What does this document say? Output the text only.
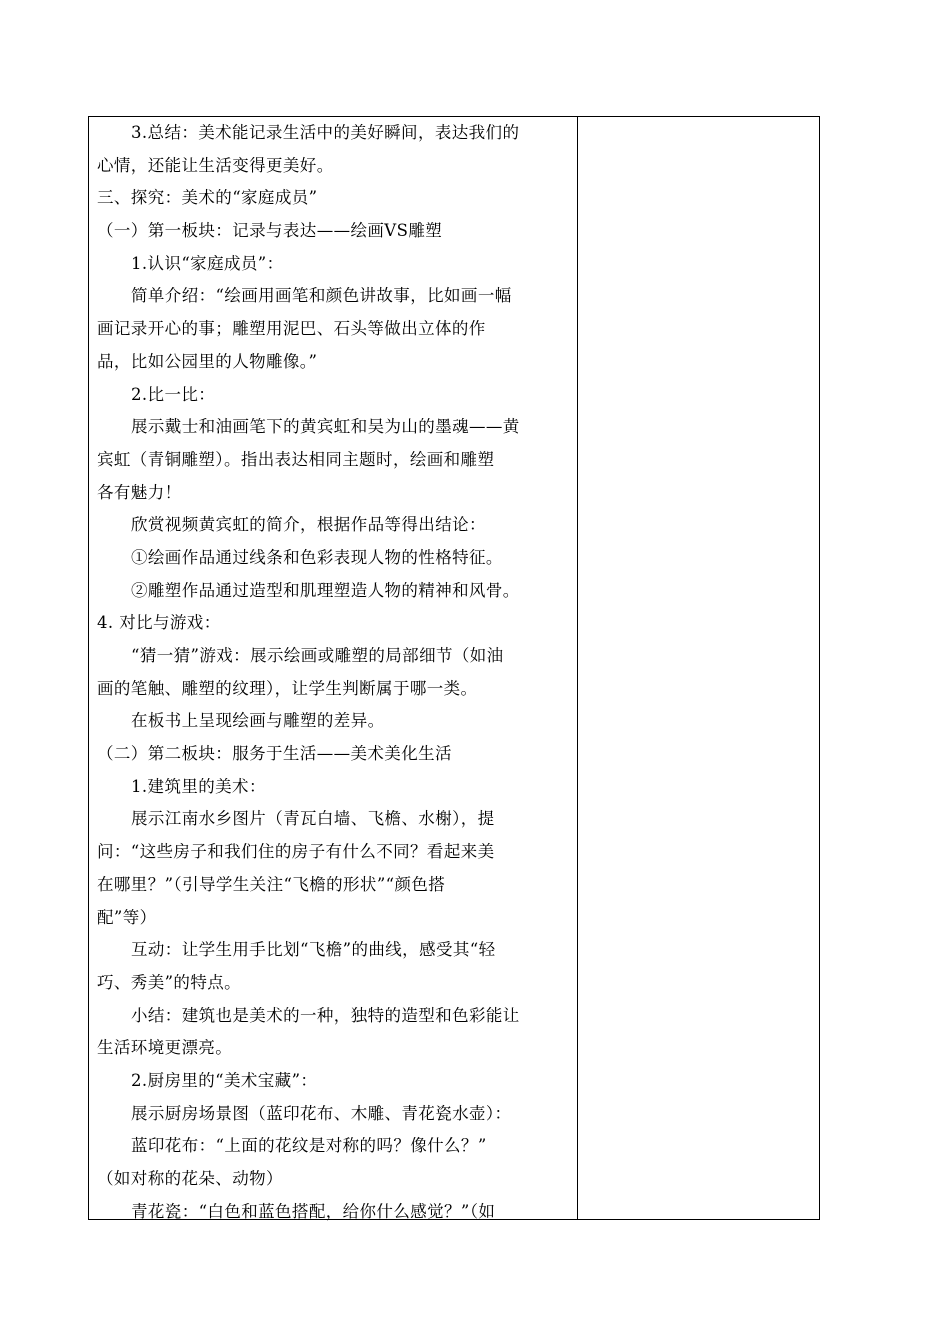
3.总结：美术能记录生活中的美好瞬间，表达我们的
心情，还能让生活变得更美好。
三、探究：美术的“家庭成员”
（一）第一板块：记录与表达——绘画VS雕塑
1.认识“家庭成员”：
简单介绍：“绘画用画笔和颜色讲故事，比如画一幅
画记录开心的事；雕塑用泥巴、石头等做出立体的作
品，比如公园里的人物雕像。”
2.比一比：
展示戴士和油画笔下的黄宾虹和吴为山的墨魂——黄
宾虹（青铜雕塑）。指出表达相同主题时，绘画和雕塑
各有魅力！
欣赏视频黄宾虹的简介，根据作品等得出结论：
①绘画作品通过线条和色彩表现人物的性格特征。
②雕塑作品通过造型和肌理塑造人物的精神和风骨。
4. 对比与游戏：
“猜一猜”游戏：展示绘画或雕塑的局部细节（如油
画的笔触、雕塑的纹理），让学生判断属于哪一类。
在板书上呈现绘画与雕塑的差异。
（二）第二板块：服务于生活——美术美化生活
1.建筑里的美术：
展示江南水乡图片（青瓦白墙、飞檐、水榭），提
问：“这些房子和我们住的房子有什么不同？看起来美
在哪里？”（引导学生关注“飞檐的形状”“颜色搭
配”等）
互动：让学生用手比划“飞檐”的曲线，感受其“轻
巧、秀美”的特点。
小结：建筑也是美术的一种，独特的造型和色彩能让
生活环境更漂亮。
2.厨房里的“美术宝藏”：
展示厨房场景图（蓝印花布、木雕、青花瓷水壶）：
蓝印花布：“上面的花纹是对称的吗？像什么？”
（如对称的花朵、动物）
青花瓷：“白色和蓝色搭配，给你什么感觉？”（如
